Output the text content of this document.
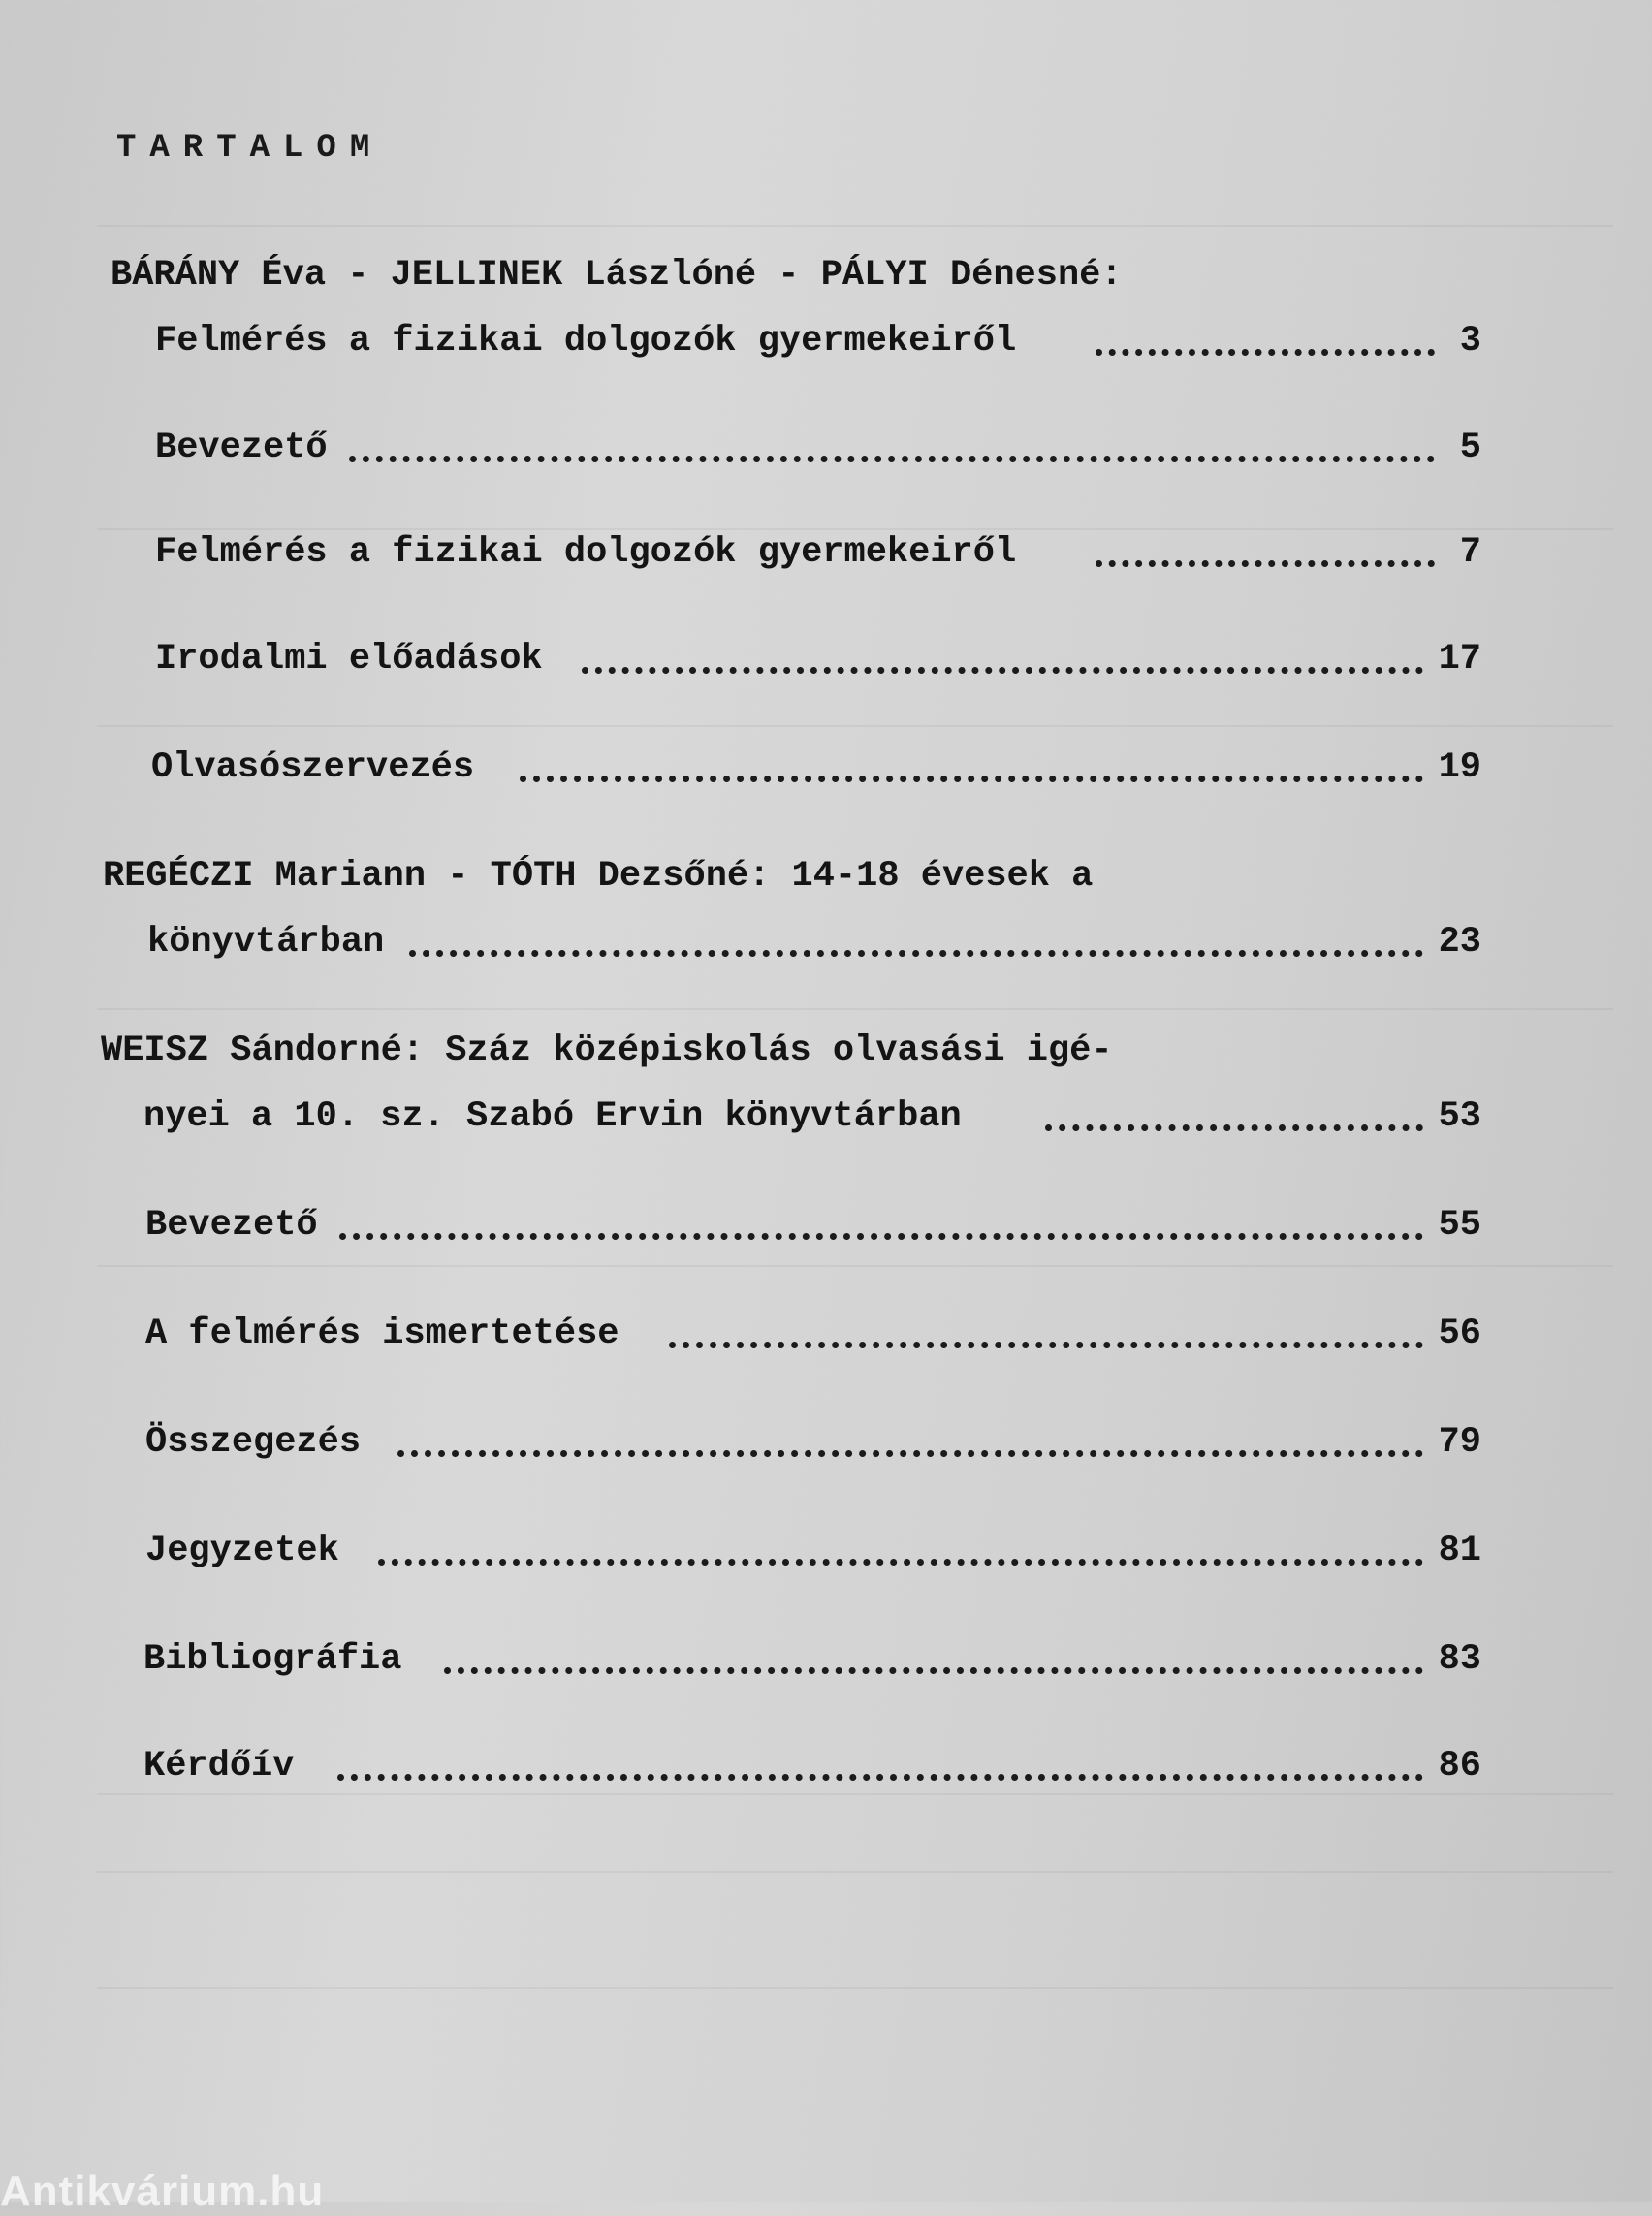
TARTALOM
BÁRÁNY Éva - JELLINEK Lászlóné - PÁLYI Dénesné:
Felmérés a fizikai dolgozók gyermekeiről	3
Bevezető	5
Felmérés a fizikai dolgozók gyermekeiről	7
Irodalmi előadások	17
Olvasószervezés	19
REGÉCZI Mariann - TÓTH Dezsőné: 14-18 évesek a
könyvtárban	23
WEISZ Sándorné: Száz középiskolás olvasási igé-
nyei a 10. sz. Szabó Ervin könyvtárban	53
Bevezető	55
A felmérés ismertetése	56
Összegezés	79
Jegyzetek	81
Bibliográfia	83
Kérdőív	86
Antikvárium.hu
